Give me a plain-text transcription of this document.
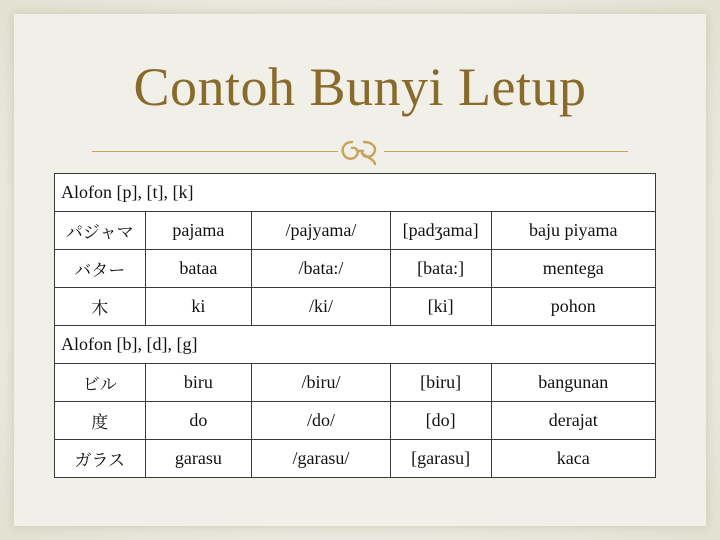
Contoh Bunyi Letup
Alofon [p], [t], [k]				
パジャマ	pajama	/pajyama/	[padʒama]	baju piyama
バター	bataa	/bata:/	[bata:]	mentega
木	ki	/ki/	[ki]	pohon
Alofon [b], [d], [g]				
ビル	biru	/biru/	[biru]	bangunan
度	do	/do/	[do]	derajat
ガラス	garasu	/garasu/	[garasu]	kaca
